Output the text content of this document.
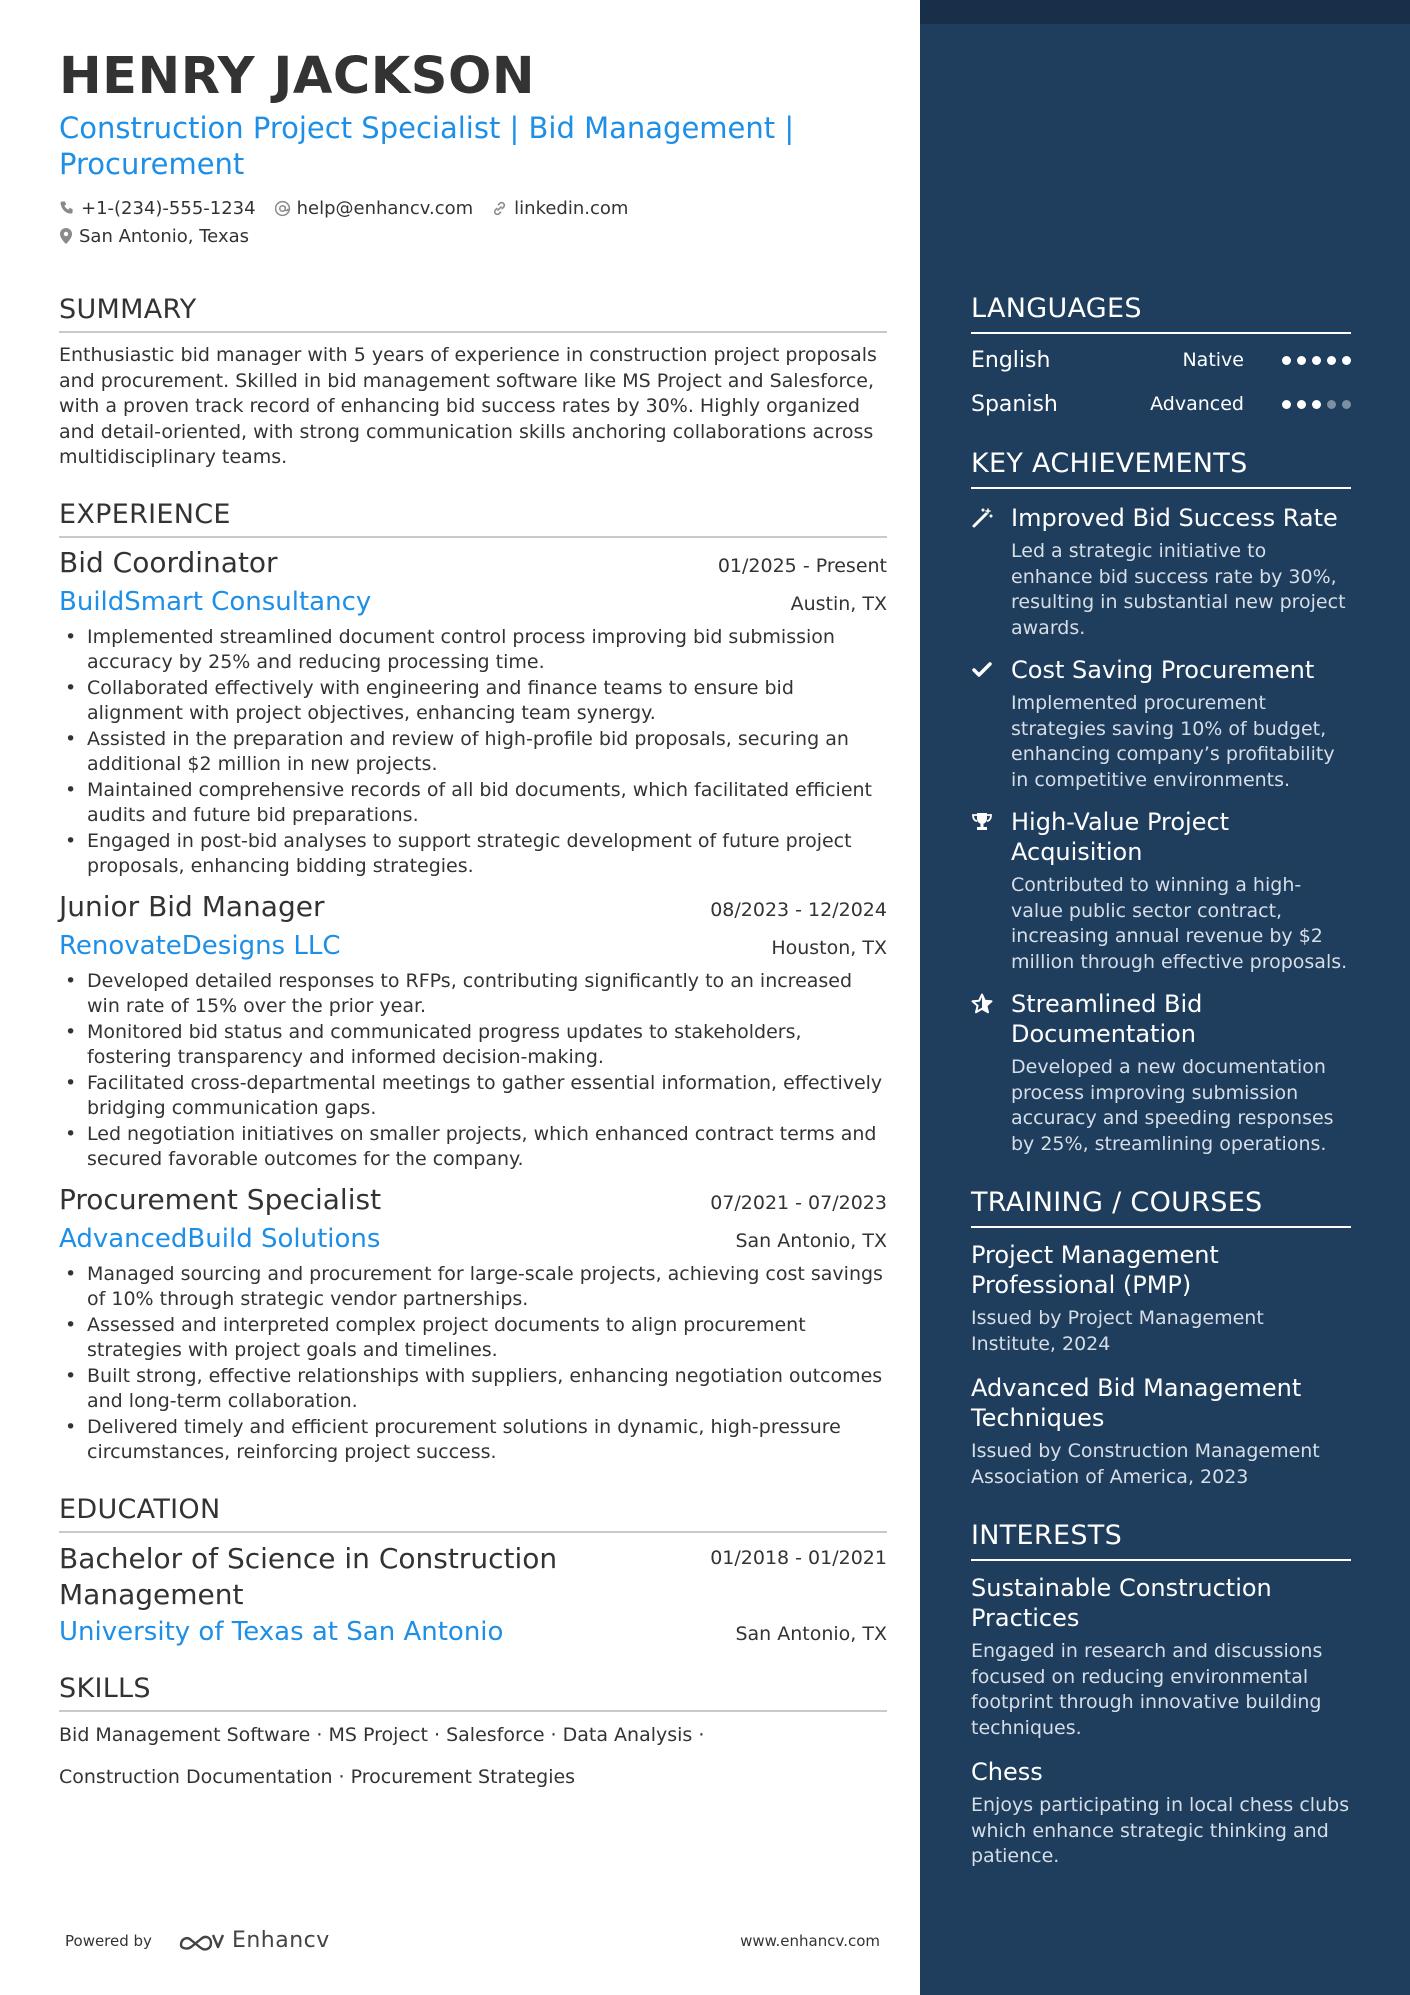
HENRY JACKSON
Construction Project Specialist | Bid Management | Procurement
+1-(234)-555-1234 help@enhancv.com linkedin.com
San Antonio, Texas
SUMMARY
Enthusiastic bid manager with 5 years of experience in construction project proposals and procurement. Skilled in bid management software like MS Project and Salesforce, with a proven track record of enhancing bid success rates by 30%. Highly organized and detail-oriented, with strong communication skills anchoring collaborations across multidisciplinary teams.
EXPERIENCE
Bid Coordinator	01/2025 - Present
BuildSmart Consultancy	Austin, TX
• Implemented streamlined document control process improving bid submission accuracy by 25% and reducing processing time.
• Collaborated effectively with engineering and finance teams to ensure bid alignment with project objectives, enhancing team synergy.
• Assisted in the preparation and review of high-profile bid proposals, securing an additional $2 million in new projects.
• Maintained comprehensive records of all bid documents, which facilitated efficient audits and future bid preparations.
• Engaged in post-bid analyses to support strategic development of future project proposals, enhancing bidding strategies.
Junior Bid Manager	08/2023 - 12/2024
RenovateDesigns LLC	Houston, TX
• Developed detailed responses to RFPs, contributing significantly to an increased win rate of 15% over the prior year.
• Monitored bid status and communicated progress updates to stakeholders, fostering transparency and informed decision-making.
• Facilitated cross-departmental meetings to gather essential information, effectively bridging communication gaps.
• Led negotiation initiatives on smaller projects, which enhanced contract terms and secured favorable outcomes for the company.
Procurement Specialist	07/2021 - 07/2023
AdvancedBuild Solutions	San Antonio, TX
• Managed sourcing and procurement for large-scale projects, achieving cost savings of 10% through strategic vendor partnerships.
• Assessed and interpreted complex project documents to align procurement strategies with project goals and timelines.
• Built strong, effective relationships with suppliers, enhancing negotiation outcomes and long-term collaboration.
• Delivered timely and efficient procurement solutions in dynamic, high-pressure circumstances, reinforcing project success.
EDUCATION
Bachelor of Science in Construction Management
01/2018 - 01/2021
University of Texas at San Antonio	San Antonio, TX
SKILLS
Bid Management Software · MS Project · Salesforce · Data Analysis ·
Construction Documentation · Procurement Strategies
Powered by	Enhancv	www.enhancv.com
LANGUAGES
English	Native
Spanish	Advanced
KEY ACHIEVEMENTS
Improved Bid Success Rate
Led a strategic initiative to enhance bid success rate by 30%, resulting in substantial new project awards.
Cost Saving Procurement
Implemented procurement strategies saving 10% of budget, enhancing company’s profitability in competitive environments.
High-Value Project Acquisition
Contributed to winning a high-value public sector contract, increasing annual revenue by $2 million through effective proposals.
Streamlined Bid Documentation
Developed a new documentation process improving submission accuracy and speeding responses by 25%, streamlining operations.
TRAINING / COURSES
Project Management Professional (PMP)
Issued by Project Management Institute, 2024
Advanced Bid Management Techniques
Issued by Construction Management Association of America, 2023
INTERESTS
Sustainable Construction Practices
Engaged in research and discussions focused on reducing environmental footprint through innovative building techniques.
Chess
Enjoys participating in local chess clubs which enhance strategic thinking and patience.
